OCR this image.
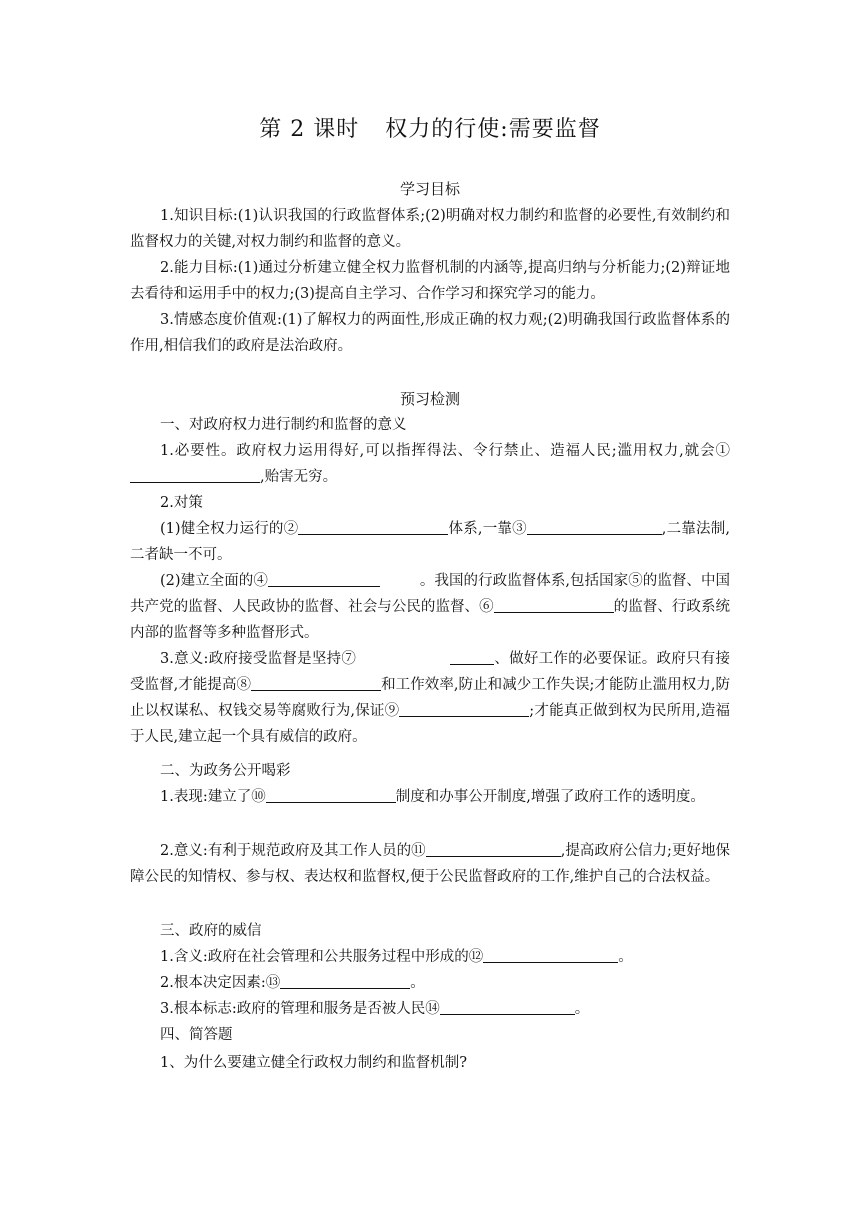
第 2 课时 权力的行使:需要监督
学习目标
1.知识目标:(1)认识我国的行政监督体系;(2)明确对权力制约和监督的必要性,有效制约和监督权力的关键,对权力制约和监督的意义。
2.能力目标:(1)通过分析建立健全权力监督机制的内涵等,提高归纳与分析能力;(2)辩证地去看待和运用手中的权力;(3)提高自主学习、合作学习和探究学习的能力。
3.情感态度价值观:(1)了解权力的两面性,形成正确的权力观;(2)明确我国行政监督体系的作用,相信我们的政府是法治政府。
预习检测
一、对政府权力进行制约和监督的意义
1.必要性。政府权力运用得好,可以指挥得法、令行禁止、造福人民;滥用权力,就会①,贻害无穷。
2.对策
(1)健全权力运行的②	体系,一靠③	,二靠法制,二者缺一不可。
(2)建立全面的④	。我国的行政监督体系,包括国家⑤的监督、中国共产党的监督、人民政协的监督、社会与公民的监督、⑥	的监督、行政系统内部的监督等多种监督形式。
3.意义:政府接受监督是坚持⑦	、做好工作的必要保证。政府只有接受监督,才能提高⑧	和工作效率,防止和减少工作失误;才能防止滥用权力,防止以权谋私、权钱交易等腐败行为,保证⑨	;才能真正做到权为民所用,造福于人民,建立起一个具有威信的政府。
二、为政务公开喝彩
1.表现:建立了⑩	制度和办事公开制度,增强了政府工作的透明度。
2.意义:有利于规范政府及其工作人员的⑪	,提高政府公信力;更好地保障公民的知情权、参与权、表达权和监督权,便于公民监督政府的工作,维护自己的合法权益。
三、政府的威信
1.含义:政府在社会管理和公共服务过程中形成的⑫	。
2.根本决定因素:⑬	。
3.根本标志:政府的管理和服务是否被人民⑭	。
四、简答题
1、为什么要建立健全行政权力制约和监督机制?
